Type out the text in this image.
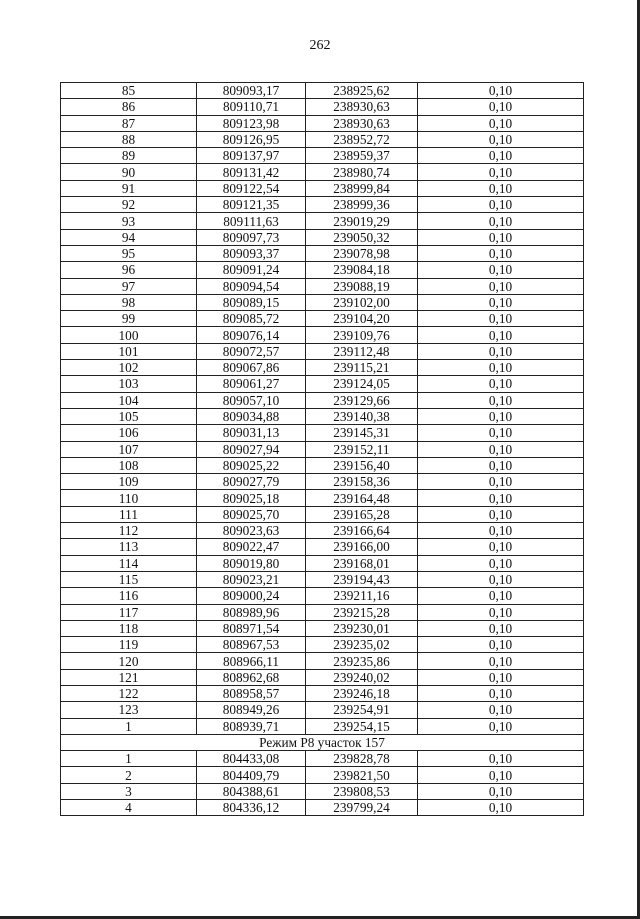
262
85	809093,17	238925,62	0,10
86	809110,71	238930,63	0,10
87	809123,98	238930,63	0,10
88	809126,95	238952,72	0,10
89	809137,97	238959,37	0,10
90	809131,42	238980,74	0,10
91	809122,54	238999,84	0,10
92	809121,35	238999,36	0,10
93	809111,63	239019,29	0,10
94	809097,73	239050,32	0,10
95	809093,37	239078,98	0,10
96	809091,24	239084,18	0,10
97	809094,54	239088,19	0,10
98	809089,15	239102,00	0,10
99	809085,72	239104,20	0,10
100	809076,14	239109,76	0,10
101	809072,57	239112,48	0,10
102	809067,86	239115,21	0,10
103	809061,27	239124,05	0,10
104	809057,10	239129,66	0,10
105	809034,88	239140,38	0,10
106	809031,13	239145,31	0,10
107	809027,94	239152,11	0,10
108	809025,22	239156,40	0,10
109	809027,79	239158,36	0,10
110	809025,18	239164,48	0,10
111	809025,70	239165,28	0,10
112	809023,63	239166,64	0,10
113	809022,47	239166,00	0,10
114	809019,80	239168,01	0,10
115	809023,21	239194,43	0,10
116	809000,24	239211,16	0,10
117	808989,96	239215,28	0,10
118	808971,54	239230,01	0,10
119	808967,53	239235,02	0,10
120	808966,11	239235,86	0,10
121	808962,68	239240,02	0,10
122	808958,57	239246,18	0,10
123	808949,26	239254,91	0,10
1	808939,71	239254,15	0,10
Режим Р8 участок 157			
1	804433,08	239828,78	0,10
2	804409,79	239821,50	0,10
3	804388,61	239808,53	0,10
4	804336,12	239799,24	0,10
